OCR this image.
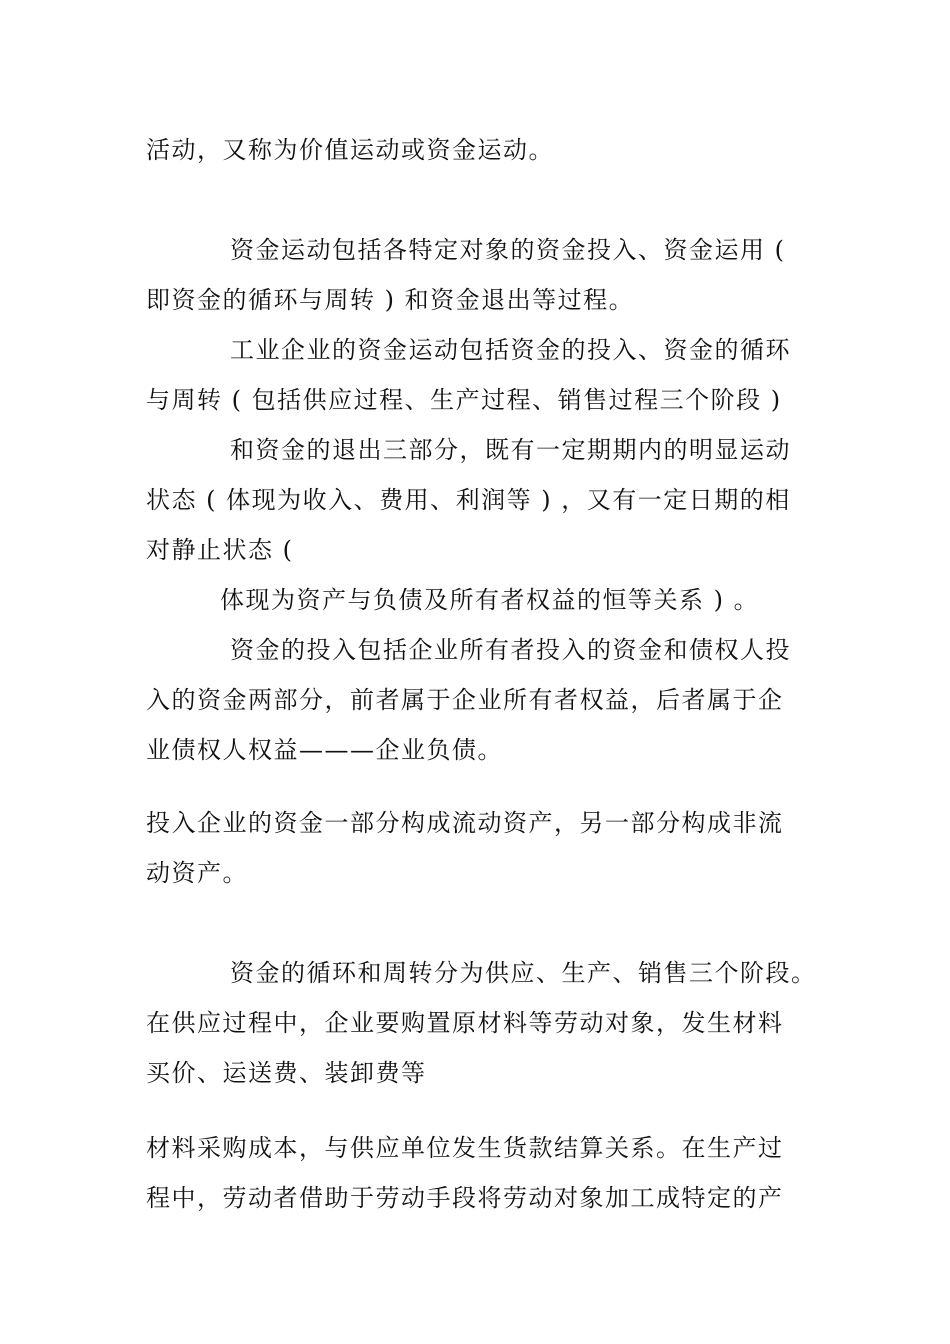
活动，又称为价值运动或资金运动。
资金运动包括各特定对象的资金投入、资金运用 (
即资金的循环与周转 ) 和资金退出等过程。
工业企业的资金运动包括资金的投入、资金的循环
与周转 ( 包括供应过程、生产过程、销售过程三个阶段 )
和资金的退出三部分，既有一定期期内的明显运动
状态 ( 体现为收入、费用、利润等 ) ，又有一定日期的相
对静止状态 (
体现为资产与负债及所有者权益的恒等关系 ) 。
资金的投入包括企业所有者投入的资金和债权人投
入的资金两部分，前者属于企业所有者权益，后者属于企
业债权人权益———企业负债。
投入企业的资金一部分构成流动资产，另一部分构成非流
动资产。
资金的循环和周转分为供应、生产、销售三个阶段。
在供应过程中，企业要购置原材料等劳动对象，发生材料
买价、运送费、装卸费等
材料采购成本，与供应单位发生货款结算关系。在生产过
程中，劳动者借助于劳动手段将劳动对象加工成特定的产
